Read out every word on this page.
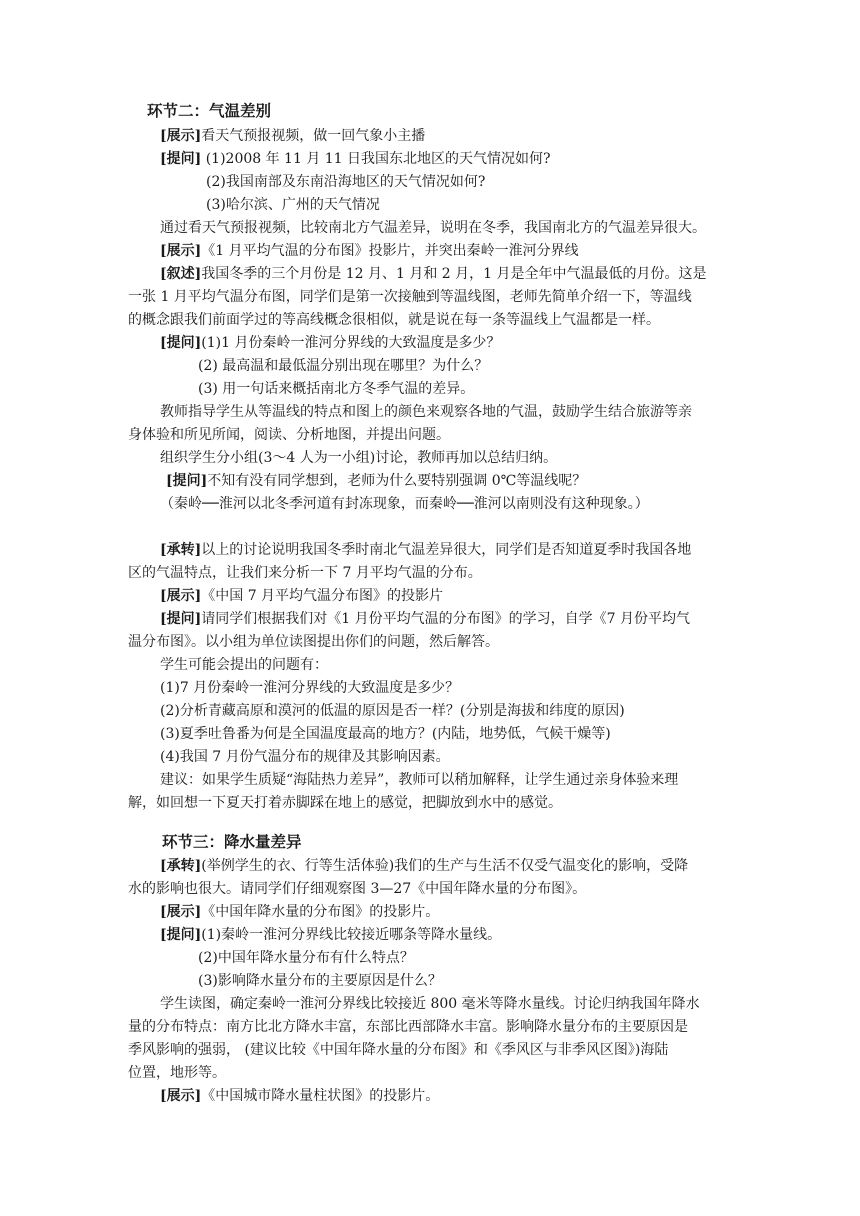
环节二：气温差别
[展示]看天气预报视频，做一回气象小主播
[提问] (1)2008 年 11 月 11 日我国东北地区的天气情况如何?
(2)我国南部及东南沿海地区的天气情况如何?
(3)哈尔滨、广州的天气情况
通过看天气预报视频，比较南北方气温差异，说明在冬季，我国南北方的气温差异很大。
[展示]《1 月平均气温的分布图》投影片，并突出秦岭一淮河分界线
[叙述]我国冬季的三个月份是 12 月、1 月和 2 月，1 月是全年中气温最低的月份。这是
一张 1 月平均气温分布图，同学们是第一次接触到等温线图，老师先简单介绍一下，等温线
的概念跟我们前面学过的等高线概念很相似，就是说在每一条等温线上气温都是一样。
[提问](1)1 月份秦岭一淮河分界线的大致温度是多少？
(2) 最高温和最低温分别出现在哪里？为什么？
(3) 用一句话来概括南北方冬季气温的差异。
教师指导学生从等温线的特点和图上的颜色来观察各地的气温，鼓励学生结合旅游等亲
身体验和所见所闻，阅读、分析地图，并提出问题。
组织学生分小组(3～4 人为一小组)讨论，教师再加以总结归纳。
[提问]不知有没有同学想到，老师为什么要特别强调 0℃等温线呢？
（秦岭──淮河以北冬季河道有封冻现象，而秦岭──淮河以南则没有这种现象。）
[承转]以上的讨论说明我国冬季时南北气温差异很大，同学们是否知道夏季时我国各地
区的气温特点，让我们来分析一下 7 月平均气温的分布。
[展示]《中国 7 月平均气温分布图》的投影片
[提问]请同学们根据我们对《1 月份平均气温的分布图》的学习，自学《7 月份平均气
温分布图》。以小组为单位读图提出你们的问题，然后解答。
学生可能会提出的问题有：
(1)7 月份秦岭一淮河分界线的大致温度是多少？
(2)分析青藏高原和漠河的低温的原因是否一样？(分别是海拔和纬度的原因)
(3)夏季吐鲁番为何是全国温度最高的地方？(内陆，地势低，气候干燥等)
(4)我国 7 月份气温分布的规律及其影响因素。
建议：如果学生质疑“海陆热力差异”，教师可以稍加解释，让学生通过亲身体验来理
解，如回想一下夏天打着赤脚踩在地上的感觉，把脚放到水中的感觉。
环节三：降水量差异
[承转](举例学生的衣、行等生活体验)我们的生产与生活不仅受气温变化的影响，受降
水的影响也很大。请同学们仔细观察图 3—27《中国年降水量的分布图》。
[展示]《中国年降水量的分布图》的投影片。
[提问](1)秦岭一淮河分界线比较接近哪条等降水量线。
(2)中国年降水量分布有什么特点？
(3)影响降水量分布的主要原因是什么？
学生读图，确定秦岭一淮河分界线比较接近 800 毫米等降水量线。讨论归纳我国年降水
量的分布特点：南方比北方降水丰富，东部比西部降水丰富。影响降水量分布的主要原因是
季风影响的强弱， (建议比较《中国年降水量的分布图》和《季风区与非季风区图》)海陆
位置，地形等。
[展示]《中国城市降水量柱状图》的投影片。
